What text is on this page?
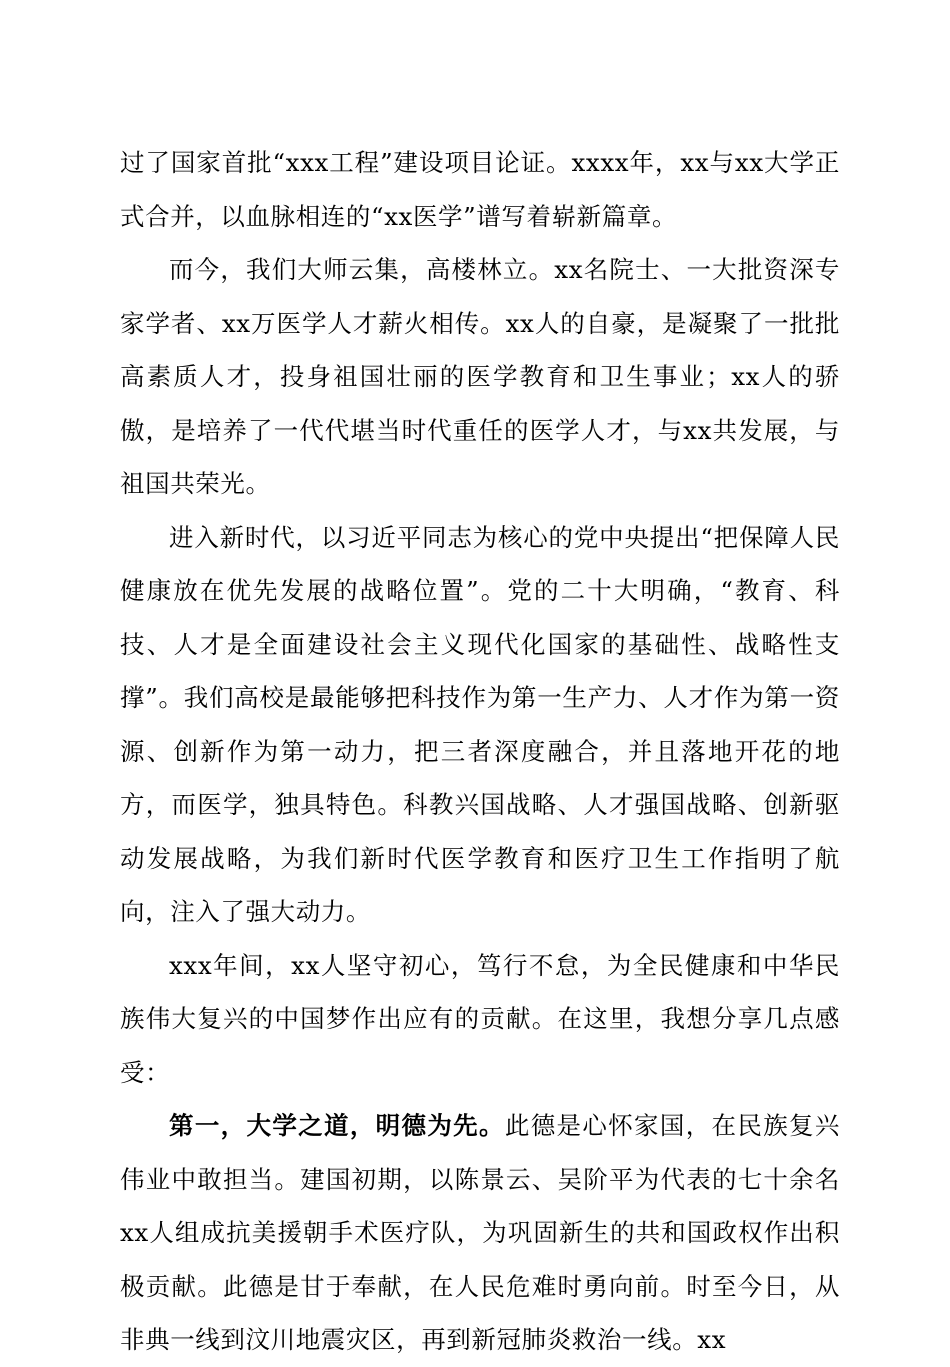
过了国家首批“xxx工程”建设项目论证。xxxx年，xx与xx大学正式合并，以血脉相连的“xx医学”谱写着崭新篇章。

而今，我们大师云集，高楼林立。xx名院士、一大批资深专家学者、xx万医学人才薪火相传。xx人的自豪，是凝聚了一批批高素质人才，投身祖国壮丽的医学教育和卫生事业；xx人的骄傲，是培养了一代代堪当时代重任的医学人才，与xx共发展，与祖国共荣光。

进入新时代，以习近平同志为核心的党中央提出“把保障人民健康放在优先发展的战略位置”。党的二十大明确，“教育、科技、人才是全面建设社会主义现代化国家的基础性、战略性支撑”。我们高校是最能够把科技作为第一生产力、人才作为第一资源、创新作为第一动力，把三者深度融合，并且落地开花的地方，而医学，独具特色。科教兴国战略、人才强国战略、创新驱动发展战略，为我们新时代医学教育和医疗卫生工作指明了航向，注入了强大动力。

xxx年间，xx人坚守初心，笃行不怠，为全民健康和中华民族伟大复兴的中国梦作出应有的贡献。在这里，我想分享几点感受：

第一，大学之道，明德为先。此德是心怀家国，在民族复兴伟业中敢担当。建国初期，以陈景云、吴阶平为代表的七十余名xx人组成抗美援朝手术医疗队，为巩固新生的共和国政权作出积极贡献。此德是甘于奉献，在人民危难时勇向前。时至今日，从非典一线到汶川地震灾区，再到新冠肺炎救治一线。xx
